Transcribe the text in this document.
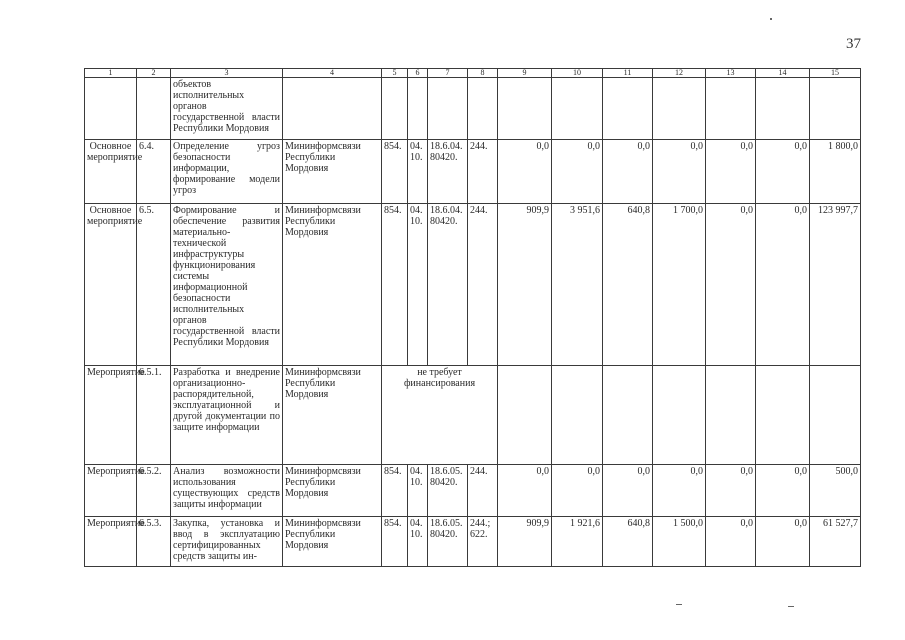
37
1	2	3	4	5	6	7	8	9	10	11	12	13	14	15
		объектов исполнительных органов государственной власти Республики Мордовия												
Основное мероприятие	6.4.	Определение угроз безопасности информации, формирование модели угроз	Мининформсвязи Республики Мордовия	854.	04. 10.	18.6.04. 80420.	244.	0,0	0,0	0,0	0,0	0,0	0,0	1 800,0
Основное мероприятие	6.5.	Формирование и обеспечение развития материально-технической инфраструктуры функционирования системы информационной безопасности исполнительных органов государственной власти Республики Мордовия	Мининформсвязи Республики Мордовия	854.	04. 10.	18.6.04. 80420.	244.	909,9	3 951,6	640,8	1 700,0	0,0	0,0	123 997,7
Мероприятие	6.5.1.	Разработка и внедрение организационно-распорядительной, эксплуатационной и другой документации по защите информации	Мининформсвязи Республики Мордовия	не требует финансирования										
Мероприятие	6.5.2.	Анализ возможности использования существующих средств защиты информации	Мининформсвязи Республики Мордовия	854.	04. 10.	18.6.05. 80420.	244.	0,0	0,0	0,0	0,0	0,0	0,0	500,0
Мероприятие	6.5.3.	Закупка, установка и ввод в эксплуатацию сертифицированных средств защиты ин-	Мининформсвязи Республики Мордовия	854.	04. 10.	18.6.05. 80420.	244.; 622.	909,9	1 921,6	640,8	1 500,0	0,0	0,0	61 527,7
